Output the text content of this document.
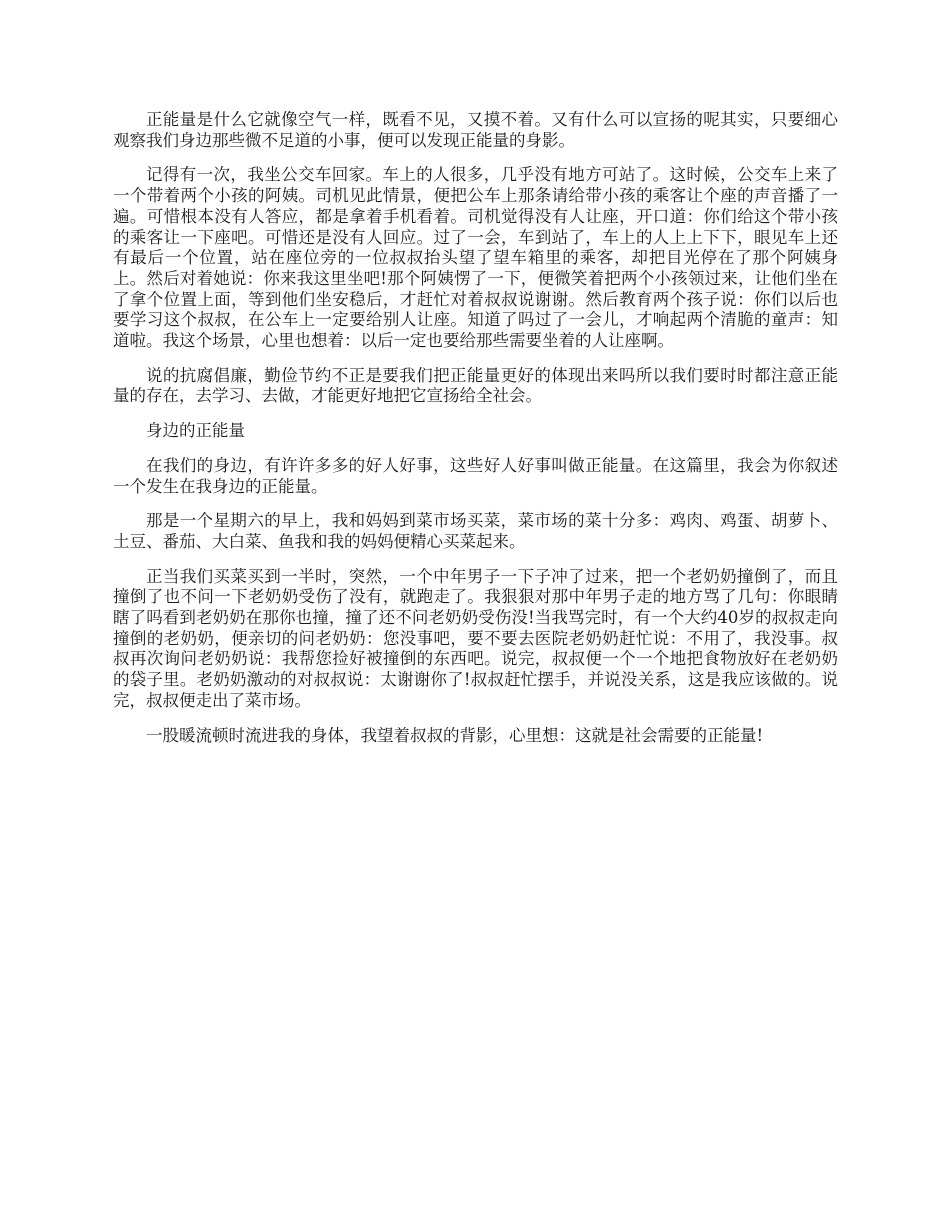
正能量是什么它就像空气一样，既看不见，又摸不着。又有什么可以宣扬的呢其实，只要细心观察我们身边那些微不足道的小事，便可以发现正能量的身影。

记得有一次，我坐公交车回家。车上的人很多，几乎没有地方可站了。这时候，公交车上来了一个带着两个小孩的阿姨。司机见此情景，便把公车上那条请给带小孩的乘客让个座的声音播了一遍。可惜根本没有人答应，都是拿着手机看着。司机觉得没有人让座，开口道：你们给这个带小孩的乘客让一下座吧。可惜还是没有人回应。过了一会，车到站了，车上的人上上下下，眼见车上还有最后一个位置，站在座位旁的一位叔叔抬头望了望车箱里的乘客，却把目光停在了那个阿姨身上。然后对着她说：你来我这里坐吧!那个阿姨愣了一下，便微笑着把两个小孩领过来，让他们坐在了拿个位置上面，等到他们坐安稳后，才赶忙对着叔叔说谢谢。然后教育两个孩子说：你们以后也要学习这个叔叔，在公车上一定要给别人让座。知道了吗过了一会儿，才响起两个清脆的童声：知道啦。我这个场景，心里也想着：以后一定也要给那些需要坐着的人让座啊。

说的抗腐倡廉，勤俭节约不正是要我们把正能量更好的体现出来吗所以我们要时时都注意正能量的存在，去学习、去做，才能更好地把它宣扬给全社会。

身边的正能量

在我们的身边，有许许多多的好人好事，这些好人好事叫做正能量。在这篇里，我会为你叙述一个发生在我身边的正能量。

那是一个星期六的早上，我和妈妈到菜市场买菜，菜市场的菜十分多：鸡肉、鸡蛋、胡萝卜、土豆、番茄、大白菜、鱼我和我的妈妈便精心买菜起来。

正当我们买菜买到一半时，突然，一个中年男子一下子冲了过来，把一个老奶奶撞倒了，而且撞倒了也不问一下老奶奶受伤了没有，就跑走了。我狠狠对那中年男子走的地方骂了几句：你眼睛瞎了吗看到老奶奶在那你也撞，撞了还不问老奶奶受伤没!当我骂完时，有一个大约40岁的叔叔走向撞倒的老奶奶，便亲切的问老奶奶：您没事吧，要不要去医院老奶奶赶忙说：不用了，我没事。叔叔再次询问老奶奶说：我帮您捡好被撞倒的东西吧。说完，叔叔便一个一个地把食物放好在老奶奶的袋子里。老奶奶激动的对叔叔说：太谢谢你了!叔叔赶忙摆手，并说没关系，这是我应该做的。说完，叔叔便走出了菜市场。

一股暖流顿时流进我的身体，我望着叔叔的背影，心里想：这就是社会需要的正能量!
